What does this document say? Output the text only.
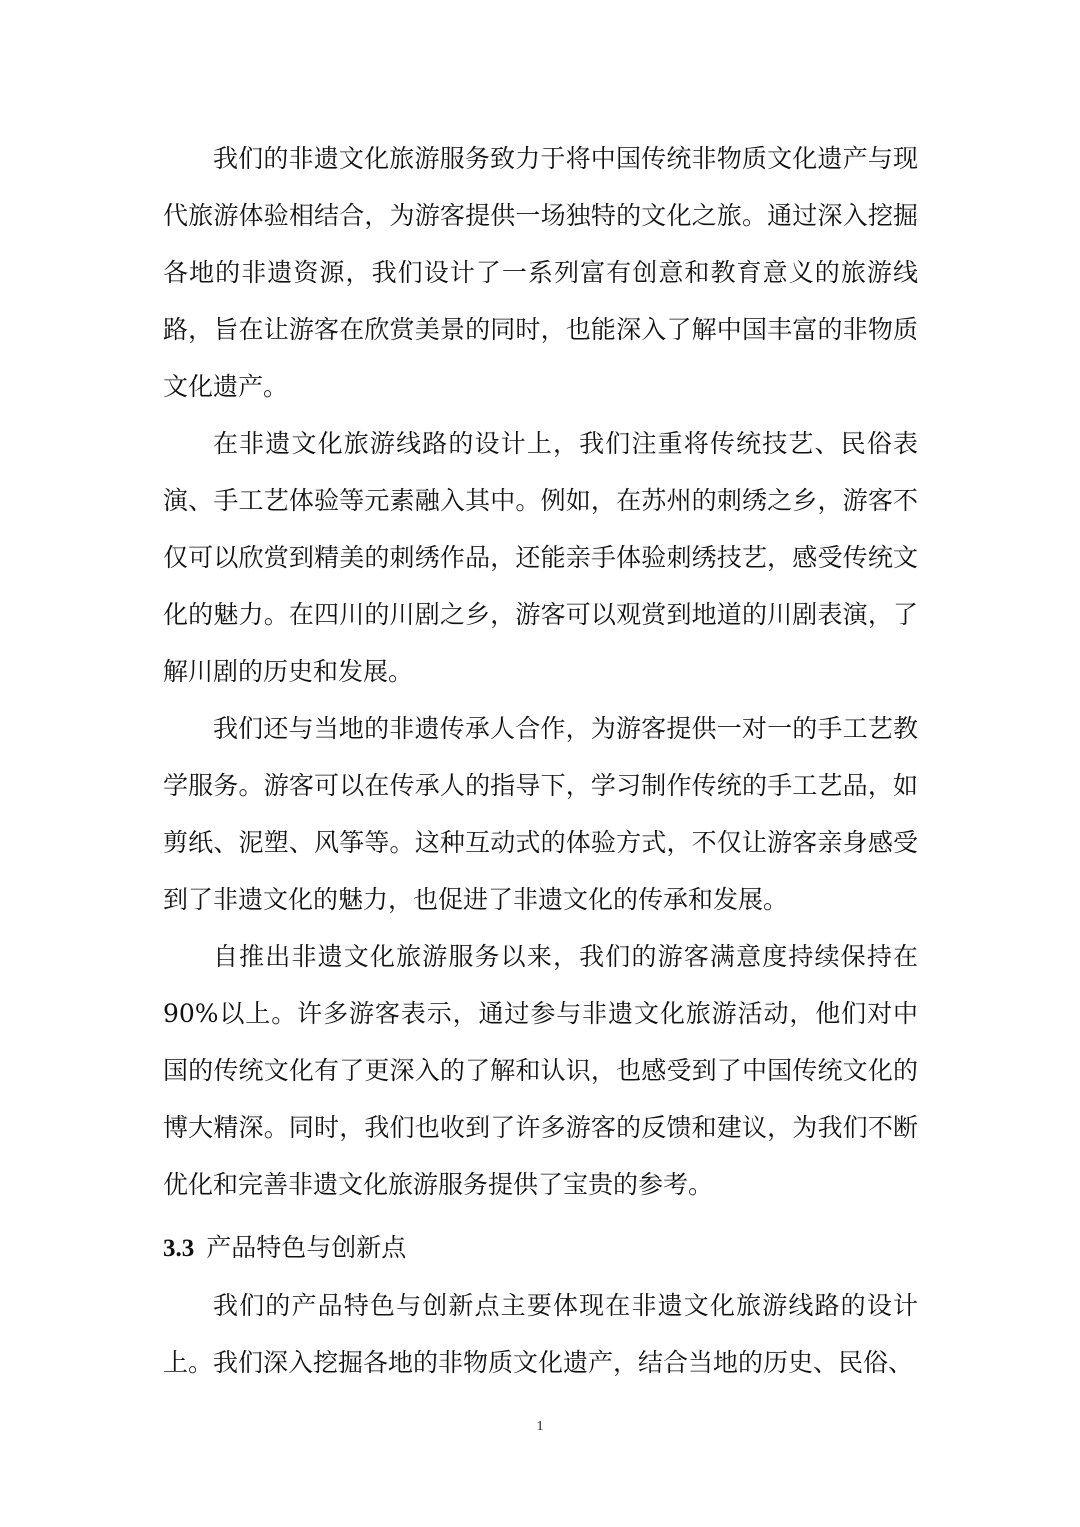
我们的非遗文化旅游服务致力于将中国传统非物质文化遗产与现代旅游体验相结合，为游客提供一场独特的文化之旅。通过深入挖掘各地的非遗资源，我们设计了一系列富有创意和教育意义的旅游线路，旨在让游客在欣赏美景的同时，也能深入了解中国丰富的非物质文化遗产。

在非遗文化旅游线路的设计上，我们注重将传统技艺、民俗表演、手工艺体验等元素融入其中。例如，在苏州的刺绣之乡，游客不仅可以欣赏到精美的刺绣作品，还能亲手体验刺绣技艺，感受传统文化的魅力。在四川的川剧之乡，游客可以观赏到地道的川剧表演，了解川剧的历史和发展。

我们还与当地的非遗传承人合作，为游客提供一对一的手工艺教学服务。游客可以在传承人的指导下，学习制作传统的手工艺品，如剪纸、泥塑、风筝等。这种互动式的体验方式，不仅让游客亲身感受到了非遗文化的魅力，也促进了非遗文化的传承和发展。

自推出非遗文化旅游服务以来，我们的游客满意度持续保持在90%以上。许多游客表示，通过参与非遗文化旅游活动，他们对中国的传统文化有了更深入的了解和认识，也感受到了中国传统文化的博大精深。同时，我们也收到了许多游客的反馈和建议，为我们不断优化和完善非遗文化旅游服务提供了宝贵的参考。

3.3 产品特色与创新点

我们的产品特色与创新点主要体现在非遗文化旅游线路的设计上。我们深入挖掘各地的非物质文化遗产，结合当地的历史、民俗、

1
